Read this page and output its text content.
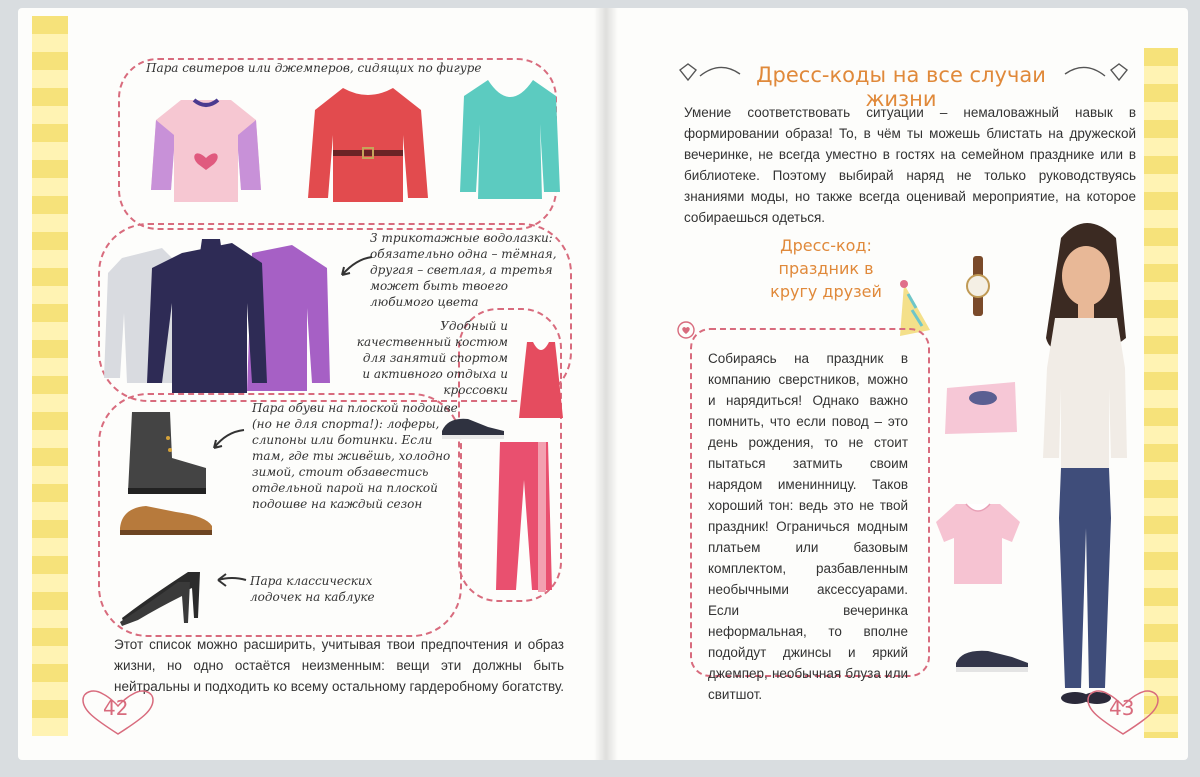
Пара свитеров или джемперов, сидящих по фигуре
3 трикотажные водолазки: обязательно одна – тёмная, другая – светлая, а третья может быть твоего любимого цвета
Удобный и качественный костюм для занятий спортом и активного отдыха и кроссовки
Пара обуви на плоской подошве (но не для спорта!): лоферы, слипоны или ботинки. Если там, где ты живёшь, холодно зимой, стоит обзавестись отдельной парой на плоской подошве на каждый сезон
Пара классических лодочек на каблуке
Этот список можно расширить, учитывая твои предпочтения и образ жизни, но одно остаётся неизменным: вещи эти должны быть нейтральны и подходить ко всему остальному гардеробному богатству.
42
Дресс-коды на все случаи жизни
Умение соответствовать ситуации – немаловажный навык в формировании образа! То, в чём ты можешь блистать на дружеской вечеринке, не всегда уместно в гостях на семейном празднике или в библиотеке. Поэтому выбирай наряд не только руководствуясь знаниями моды, но также всегда оценивай мероприятие, на которое собираешься одеться.
Дресс-код: праздник в кругу друзей
Собираясь на праздник в компанию сверстников, можно и нарядиться! Однако важно помнить, что если повод – это день рождения, то не стоит пытаться затмить своим нарядом именинницу. Таков хороший тон: ведь это не твой праздник! Ограничься модным платьем или базовым комплектом, разбавленным необычными аксессуарами. Если вечеринка неформальная, то вполне подойдут джинсы и яркий джемпер, необычная блуза или свитшот.
43
